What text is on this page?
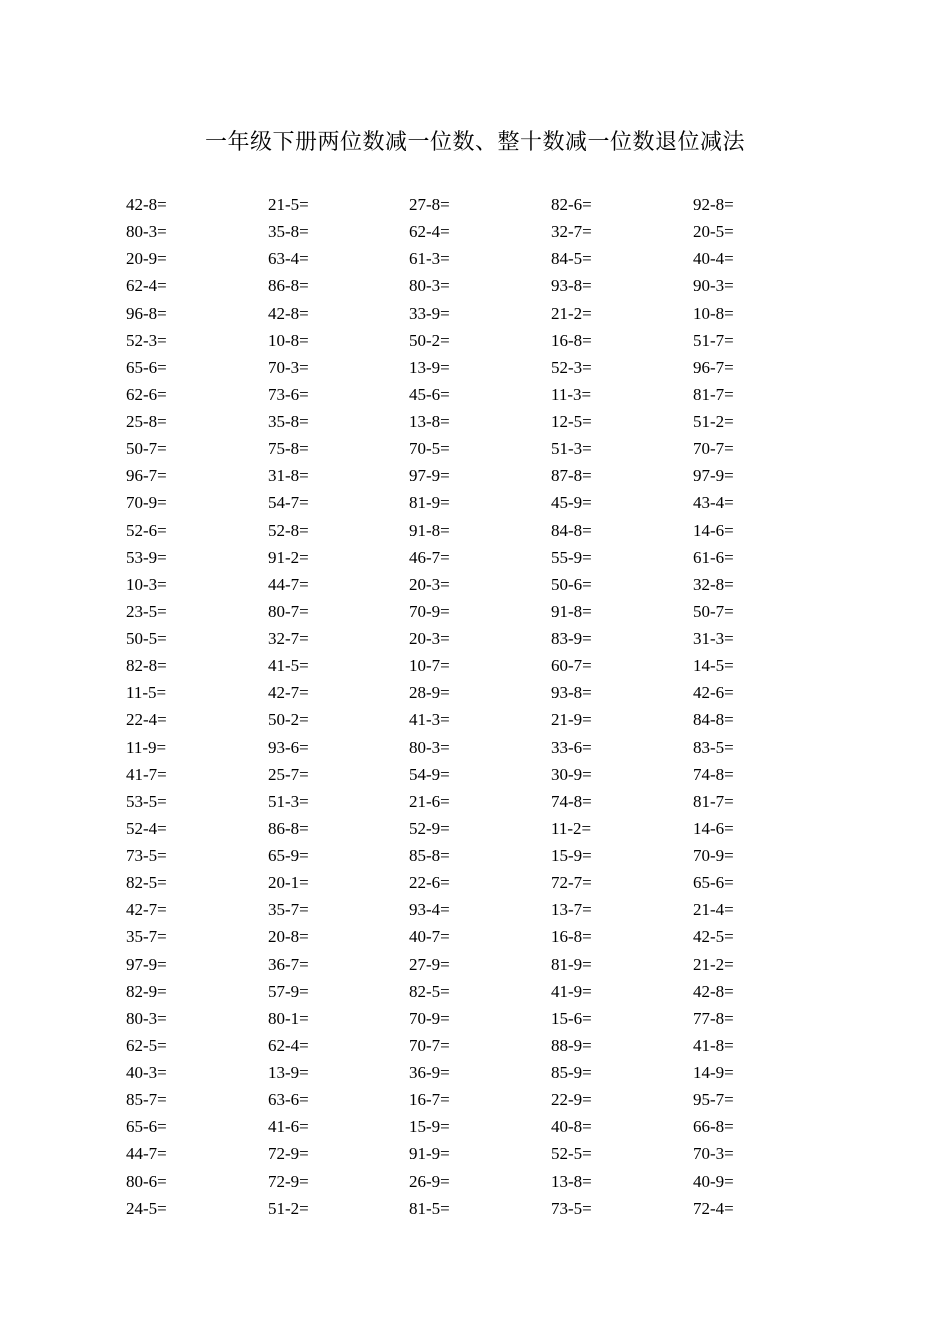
一年级下册两位数减一位数、整十数减一位数退位减法
42-8=	21-5=	27-8=	82-6=	92-8=
80-3=	35-8=	62-4=	32-7=	20-5=
20-9=	63-4=	61-3=	84-5=	40-4=
62-4=	86-8=	80-3=	93-8=	90-3=
96-8=	42-8=	33-9=	21-2=	10-8=
52-3=	10-8=	50-2=	16-8=	51-7=
65-6=	70-3=	13-9=	52-3=	96-7=
62-6=	73-6=	45-6=	11-3=	81-7=
25-8=	35-8=	13-8=	12-5=	51-2=
50-7=	75-8=	70-5=	51-3=	70-7=
96-7=	31-8=	97-9=	87-8=	97-9=
70-9=	54-7=	81-9=	45-9=	43-4=
52-6=	52-8=	91-8=	84-8=	14-6=
53-9=	91-2=	46-7=	55-9=	61-6=
10-3=	44-7=	20-3=	50-6=	32-8=
23-5=	80-7=	70-9=	91-8=	50-7=
50-5=	32-7=	20-3=	83-9=	31-3=
82-8=	41-5=	10-7=	60-7=	14-5=
11-5=	42-7=	28-9=	93-8=	42-6=
22-4=	50-2=	41-3=	21-9=	84-8=
11-9=	93-6=	80-3=	33-6=	83-5=
41-7=	25-7=	54-9=	30-9=	74-8=
53-5=	51-3=	21-6=	74-8=	81-7=
52-4=	86-8=	52-9=	11-2=	14-6=
73-5=	65-9=	85-8=	15-9=	70-9=
82-5=	20-1=	22-6=	72-7=	65-6=
42-7=	35-7=	93-4=	13-7=	21-4=
35-7=	20-8=	40-7=	16-8=	42-5=
97-9=	36-7=	27-9=	81-9=	21-2=
82-9=	57-9=	82-5=	41-9=	42-8=
80-3=	80-1=	70-9=	15-6=	77-8=
62-5=	62-4=	70-7=	88-9=	41-8=
40-3=	13-9=	36-9=	85-9=	14-9=
85-7=	63-6=	16-7=	22-9=	95-7=
65-6=	41-6=	15-9=	40-8=	66-8=
44-7=	72-9=	91-9=	52-5=	70-3=
80-6=	72-9=	26-9=	13-8=	40-9=
24-5=	51-2=	81-5=	73-5=	72-4=
